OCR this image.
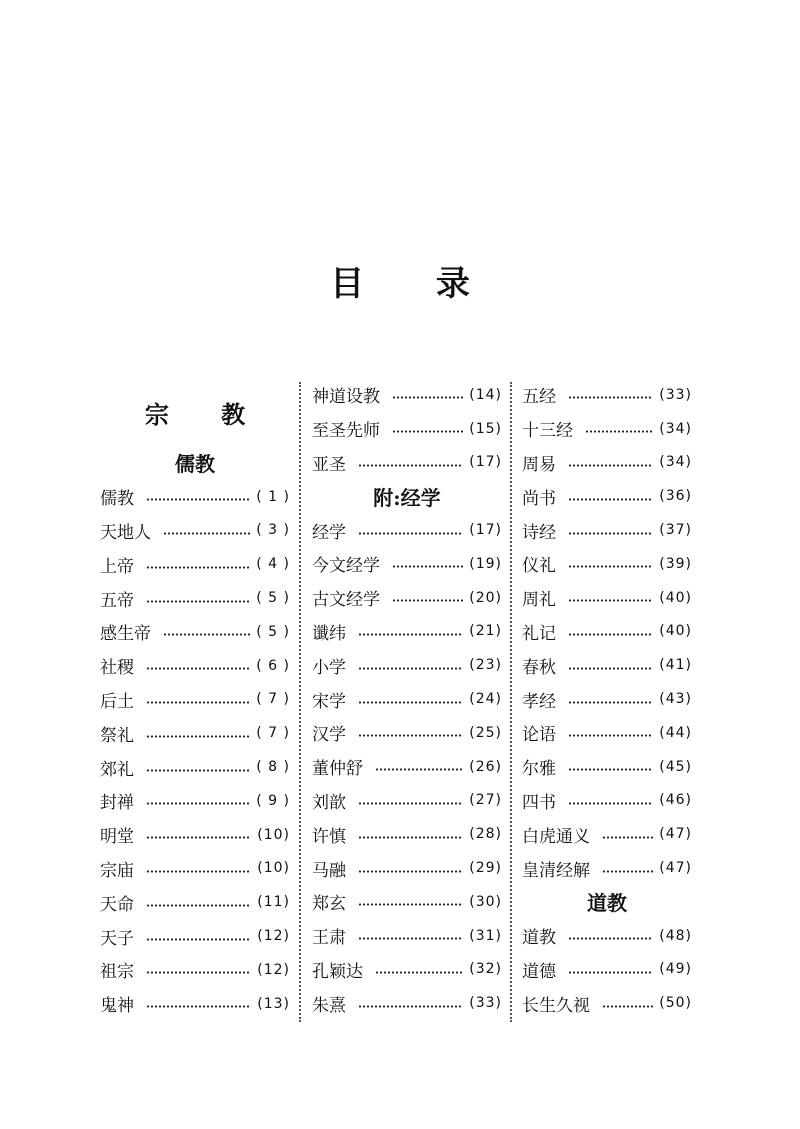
目 录
宗 教
儒教
儒教	( 1 )
天地人	( 3 )
上帝	( 4 )
五帝	( 5 )
感生帝	( 5 )
社稷	( 6 )
后土	( 7 )
祭礼	( 7 )
郊礼	( 8 )
封禅	( 9 )
明堂	(10)
宗庙	(10)
天命	(11)
天子	(12)
祖宗	(12)
鬼神	(13)
神道设教	(14)
至圣先师	(15)
亚圣	(17)
附:经学
经学	(17)
今文经学	(19)
古文经学	(20)
谶纬	(21)
小学	(23)
宋学	(24)
汉学	(25)
董仲舒	(26)
刘歆	(27)
许慎	(28)
马融	(29)
郑玄	(30)
王肃	(31)
孔颖达	(32)
朱熹	(33)
五经	(33)
十三经	(34)
周易	(34)
尚书	(36)
诗经	(37)
仪礼	(39)
周礼	(40)
礼记	(40)
春秋	(41)
孝经	(43)
论语	(44)
尔雅	(45)
四书	(46)
白虎通义	(47)
皇清经解	(47)
道教
道教	(48)
道德	(49)
长生久视	(50)
